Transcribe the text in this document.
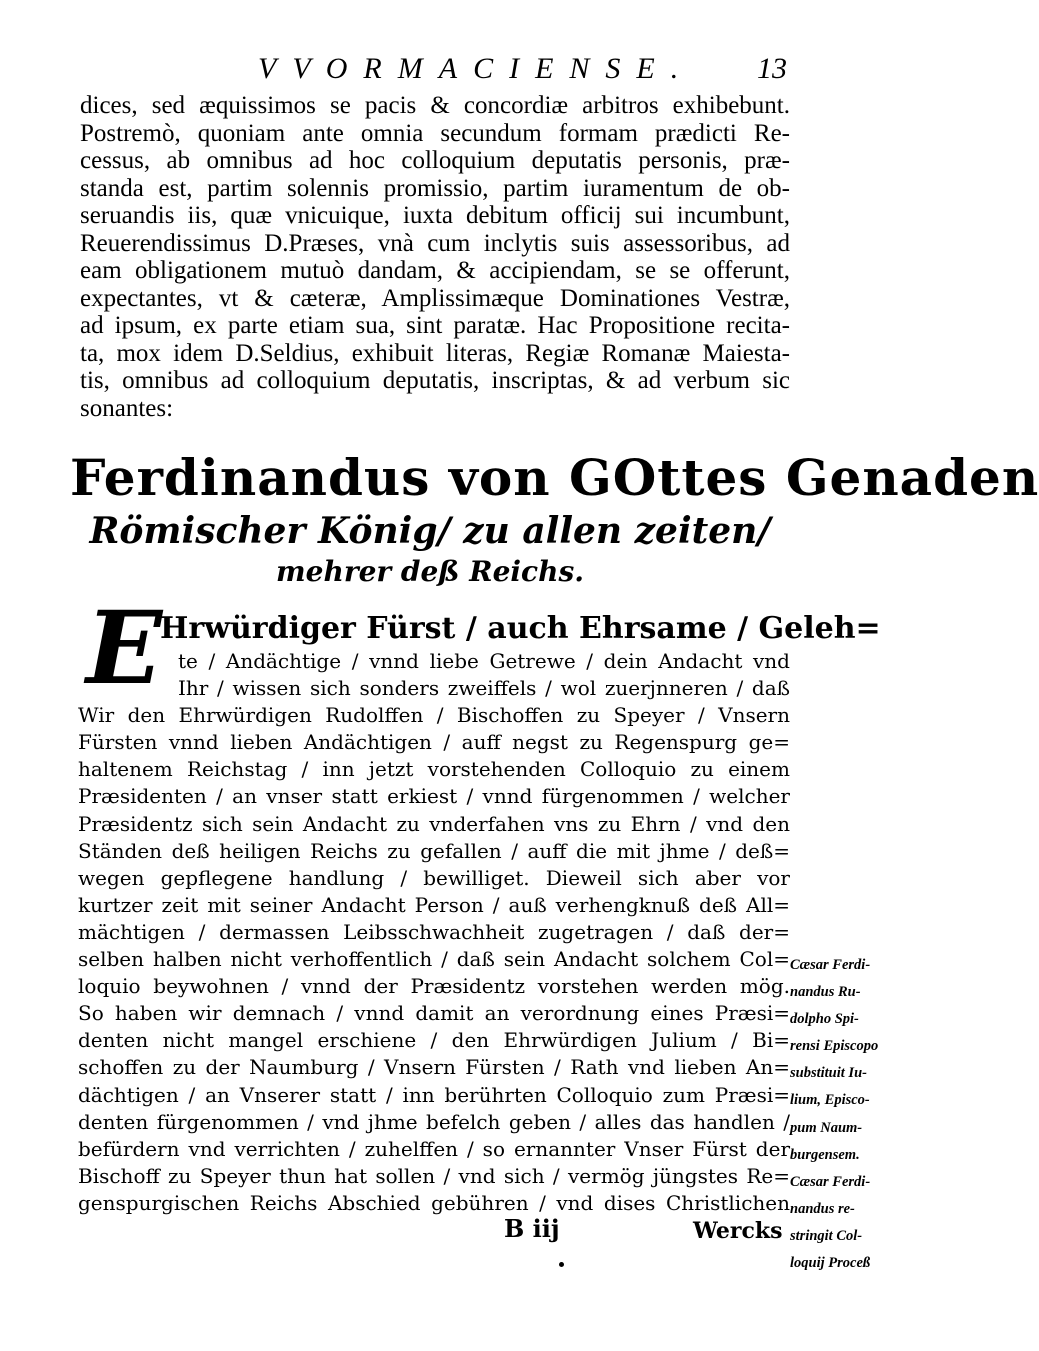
VVORMACIENSE. 13
dices, sed æquissimos se pacis & concordiæ arbitros exhibebunt.
Postremò, quoniam ante omnia secundum formam prædicti Re-
cessus, ab omnibus ad hoc colloquium deputatis personis, præ-
standa est, partim solennis promissio, partim iuramentum de ob-
seruandis iis, quæ vnicuique, iuxta debitum officij sui incumbunt,
Reuerendissimus D.Præses, vnà cum inclytis suis assessoribus, ad
eam obligationem mutuò dandam, & accipiendam, se se offerunt,
expectantes, vt & cæteræ, Amplissimæque Dominationes Vestræ,
ad ipsum, ex parte etiam sua, sint paratæ. Hac Propositione recita-
ta, mox idem D.Seldius, exhibuit literas, Regiæ Romanæ Maiesta-
tis, omnibus ad colloquium deputatis, inscriptas, & ad verbum sic
sonantes:
Ferdinandus von GOttes Genaden
Römischer König/ zu allen zeiten/
mehrer deß Reichs.
E
Hrwürdiger Fürst / auch Ehrsame / Geleh=
te / Andächtige / vnnd liebe Getrewe / dein Andacht vnd
Ihr / wissen sich sonders zweiffels / wol zuerjnneren / daß
Wir den Ehrwürdigen Rudolffen / Bischoffen zu Speyer / Vnsern
Fürsten vnnd lieben Andächtigen / auff negst zu Regenspurg ge=
haltenem Reichstag / inn jetzt vorstehenden Colloquio zu einem
Præsidenten / an vnser statt erkiest / vnnd fürgenommen / welcher
Præsidentz sich sein Andacht zu vnderfahen vns zu Ehrn / vnd den
Ständen deß heiligen Reichs zu gefallen / auff die mit jhme / deß=
wegen gepflegene handlung / bewilliget. Dieweil sich aber vor
kurtzer zeit mit seiner Andacht Person / auß verhengknuß deß All=
mächtigen / dermassen Leibsschwachheit zugetragen / daß der=
selben halben nicht verhoffentlich / daß sein Andacht solchem Col=
loquio beywohnen / vnnd der Præsidentz vorstehen werden mög.
So haben wir demnach / vnnd damit an verordnung eines Præsi=
denten nicht mangel erschiene / den Ehrwürdigen Julium / Bi=
schoffen zu der Naumburg / Vnsern Fürsten / Rath vnd lieben An=
dächtigen / an Vnserer statt / inn berührten Colloquio zum Præsi=
denten fürgenommen / vnd jhme befelch geben / alles das handlen /
befürdern vnd verrichten / zuhelffen / so ernannter Vnser Fürst der
Bischoff zu Speyer thun hat sollen / vnd sich / vermög jüngstes Re=
genspurgischen Reichs Abschied gebühren / vnd dises Christlichen
B iij	Wercks
Cæsar Ferdi-
nandus Ru-
dolpho Spi-
rensi Episcopo
substituit Iu-
lium, Episco-
pum Naum-
burgensem.
Cæsar Ferdi-
nandus re-
stringit Col-
loquij Proceß
